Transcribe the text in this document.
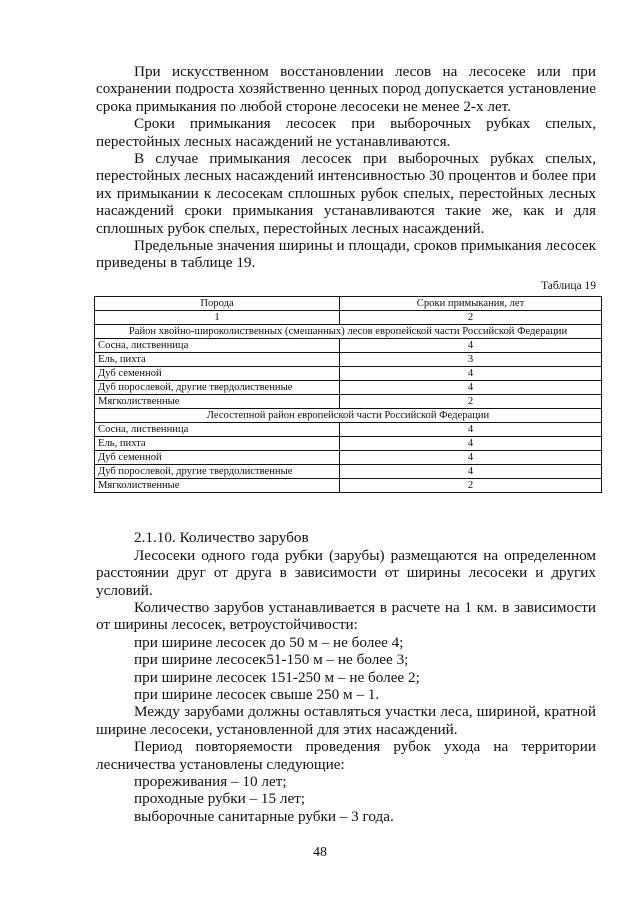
При искусственном восстановлении лесов на лесосеке или при сохранении подроста хозяйственно ценных пород допускается установление срока примыкания по любой стороне лесосеки не менее 2-х лет.

Сроки примыкания лесосек при выборочных рубках спелых, перестойных лесных насаждений не устанавливаются.

В случае примыкания лесосек при выборочных рубках спелых, перестойных лесных насаждений интенсивностью 30 процентов и более при их примыкании к лесосекам сплошных рубок спелых, перестойных лесных насаждений сроки примыкания устанавливаются такие же, как и для сплошных рубок спелых, перестойных лесных насаждений.

Предельные значения ширины и площади, сроков примыкания лесосек приведены в таблице 19.

Таблица 19

Порода	Сроки примыкания, лет
1	2
Район хвойно-широколиственных (смешанных) лесов европейской части Российской Федерации	
Сосна, лиственница	4
Ель, пихта	3
Дуб семенной	4
Дуб порослевой, другие твердолиственные	4
Мягколиственные	2
Лесостепной район европейской части Российской Федерации	
Сосна, лиственница	4
Ель, пихта	4
Дуб семенной	4
Дуб порослевой, другие твердолиственные	4
Мягколиственные	2

2.1.10. Количество зарубов

Лесосеки одного года рубки (зарубы) размещаются на определенном расстоянии друг от друга в зависимости от ширины лесосеки и других условий.

Количество зарубов устанавливается в расчете на 1 км. в зависимости от ширины лесосек, ветроустойчивости:

при ширине лесосек до 50 м – не более 4;

при ширине лесосек51-150 м – не более 3;

при ширине лесосек 151-250 м – не более 2;

при ширине лесосек свыше 250 м – 1.

Между зарубами должны оставляться участки леса, шириной, кратной ширине лесосеки, установленной для этих насаждений.

Период повторяемости проведения рубок ухода на территории лесничества установлены следующие:

прореживания – 10 лет;

проходные рубки – 15 лет;

выборочные санитарные рубки – 3 года.

48
